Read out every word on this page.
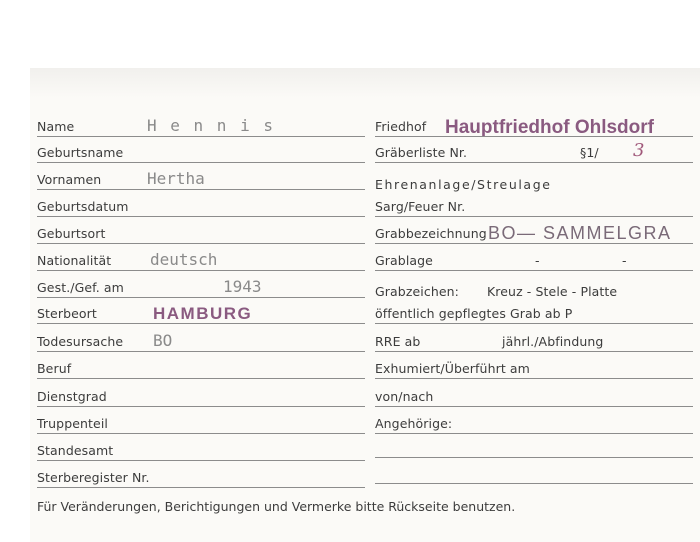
Name	H e n n i s
Geburtsname
Vornamen	Hertha
Geburtsdatum
Geburtsort
Nationalität deutsch
Gest./Gef. am	1943
Sterbeort	HAMBURG
Todesursache BO
Beruf
Dienstgrad
Truppenteil
Standesamt
Sterberegister Nr.
Friedhof Hauptfriedhof Ohlsdorf
Gräberliste Nr.	§1/ 3
Ehrenanlage/Streulage
Sarg/Feuer Nr.
Grabbezeichnung BO— SAMMELGRA
Grablage	-	-
Grabzeichen: Kreuz - Stele - Platte
öffentlich gepflegtes Grab ab P
RRE ab	jährl./Abfindung
Exhumiert/Überführt am
von/nach
Angehörige:
Für Veränderungen, Berichtigungen und Vermerke bitte Rückseite benutzen.
